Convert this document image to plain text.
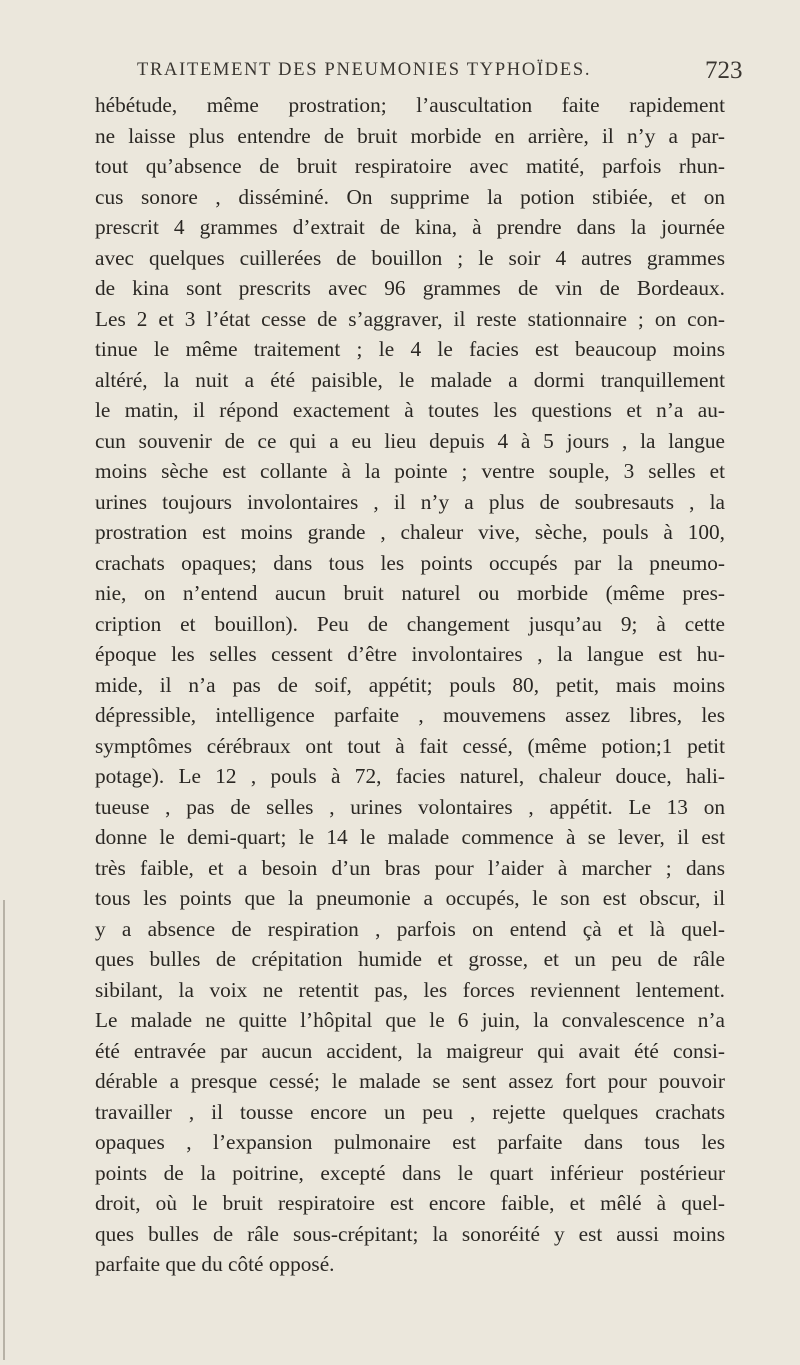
TRAITEMENT DES PNEUMONIES TYPHOÏDES.	723
hébétude, même prostration; l’auscultation faite rapidement
ne laisse plus entendre de bruit morbide en arrière, il n’y a par-
tout qu’absence de bruit respiratoire avec matité, parfois rhun-
cus sonore , disséminé. On supprime la potion stibiée, et on
prescrit 4 grammes d’extrait de kina, à prendre dans la journée
avec quelques cuillerées de bouillon ; le soir 4 autres grammes
de kina sont prescrits avec 96 grammes de vin de Bordeaux.
Les 2 et 3 l’état cesse de s’aggraver, il reste stationnaire ; on con-
tinue le même traitement ; le 4 le facies est beaucoup moins
altéré, la nuit a été paisible, le malade a dormi tranquillement
le matin, il répond exactement à toutes les questions et n’a au-
cun souvenir de ce qui a eu lieu depuis 4 à 5 jours , la langue
moins sèche est collante à la pointe ; ventre souple, 3 selles et
urines toujours involontaires , il n’y a plus de soubresauts , la
prostration est moins grande , chaleur vive, sèche, pouls à 100,
crachats opaques; dans tous les points occupés par la pneumo-
nie, on n’entend aucun bruit naturel ou morbide (même pres-
cription et bouillon). Peu de changement jusqu’au 9; à cette
époque les selles cessent d’être involontaires , la langue est hu-
mide, il n’a pas de soif, appétit; pouls 80, petit, mais moins
dépressible, intelligence parfaite , mouvemens assez libres, les
symptômes cérébraux ont tout à fait cessé, (même potion;1 petit
potage). Le 12 , pouls à 72, facies naturel, chaleur douce, hali-
tueuse , pas de selles , urines volontaires , appétit. Le 13 on
donne le demi-quart; le 14 le malade commence à se lever, il est
très faible, et a besoin d’un bras pour l’aider à marcher ; dans
tous les points que la pneumonie a occupés, le son est obscur, il
y a absence de respiration , parfois on entend çà et là quel-
ques bulles de crépitation humide et grosse, et un peu de râle
sibilant, la voix ne retentit pas, les forces reviennent lentement.
Le malade ne quitte l’hôpital que le 6 juin, la convalescence n’a
été entravée par aucun accident, la maigreur qui avait été consi-
dérable a presque cessé; le malade se sent assez fort pour pouvoir
travailler , il tousse encore un peu , rejette quelques crachats
opaques , l’expansion pulmonaire est parfaite dans tous les
points de la poitrine, excepté dans le quart inférieur postérieur
droit, où le bruit respiratoire est encore faible, et mêlé à quel-
ques bulles de râle sous-crépitant; la sonoréité y est aussi moins
parfaite que du côté opposé.
